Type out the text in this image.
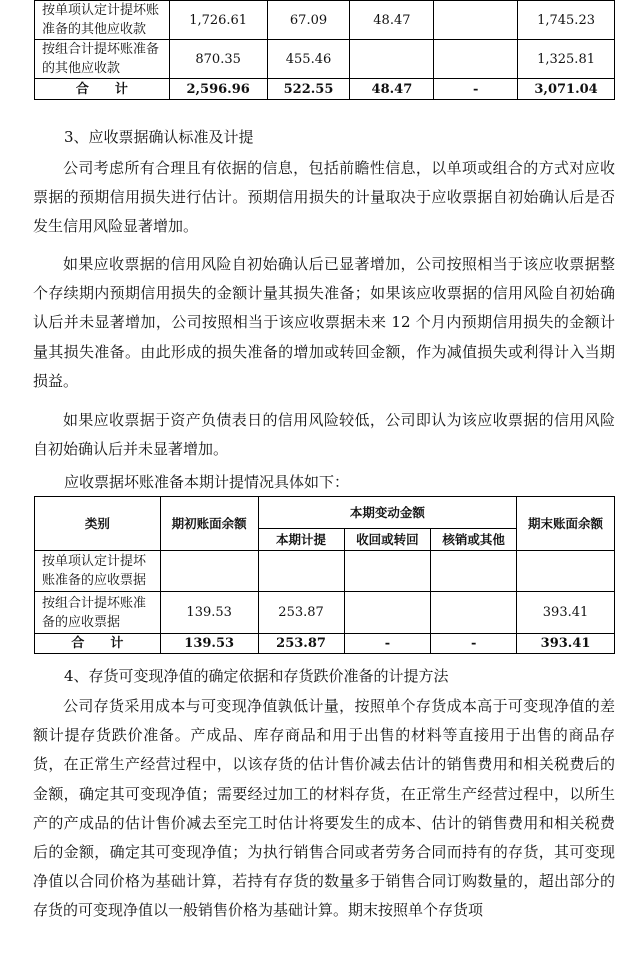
按单项认定计提坏账准备的其他应收款	1,726.61	67.09	48.47		1,745.23
按组合计提坏账准备的其他应收款	870.35	455.46			1,325.81
合　　计	2,596.96	522.55	48.47	-	3,071.04
3、应收票据确认标准及计提

公司考虑所有合理且有依据的信息，包括前瞻性信息，以单项或组合的方式对应收票据的预期信用损失进行估计。预期信用损失的计量取决于应收票据自初始确认后是否发生信用风险显著增加。

如果应收票据的信用风险自初始确认后已显著增加，公司按照相当于该应收票据整个存续期内预期信用损失的金额计量其损失准备；如果该应收票据的信用风险自初始确认后并未显著增加，公司按照相当于该应收票据未来 12 个月内预期信用损失的金额计量其损失准备。由此形成的损失准备的增加或转回金额，作为减值损失或利得计入当期损益。

如果应收票据于资产负债表日的信用风险较低，公司即认为该应收票据的信用风险自初始确认后并未显著增加。

应收票据坏账准备本期计提情况具体如下：
类别	期初账面余额	本期变动金额			期末账面余额
		本期计提	收回或转回	核销或其他	
按单项认定计提坏账准备的应收票据					
按组合计提坏账准备的应收票据	139.53	253.87			393.41
合　　计	139.53	253.87	-	-	393.41
4、存货可变现净值的确定依据和存货跌价准备的计提方法

公司存货采用成本与可变现净值孰低计量，按照单个存货成本高于可变现净值的差额计提存货跌价准备。产成品、库存商品和用于出售的材料等直接用于出售的商品存货，在正常生产经营过程中，以该存货的估计售价减去估计的销售费用和相关税费后的金额，确定其可变现净值；需要经过加工的材料存货，在正常生产经营过程中，以所生产的产成品的估计售价减去至完工时估计将要发生的成本、估计的销售费用和相关税费后的金额，确定其可变现净值；为执行销售合同或者劳务合同而持有的存货，其可变现净值以合同价格为基础计算，若持有存货的数量多于销售合同订购数量的，超出部分的存货的可变现净值以一般销售价格为基础计算。期末按照单个存货项
